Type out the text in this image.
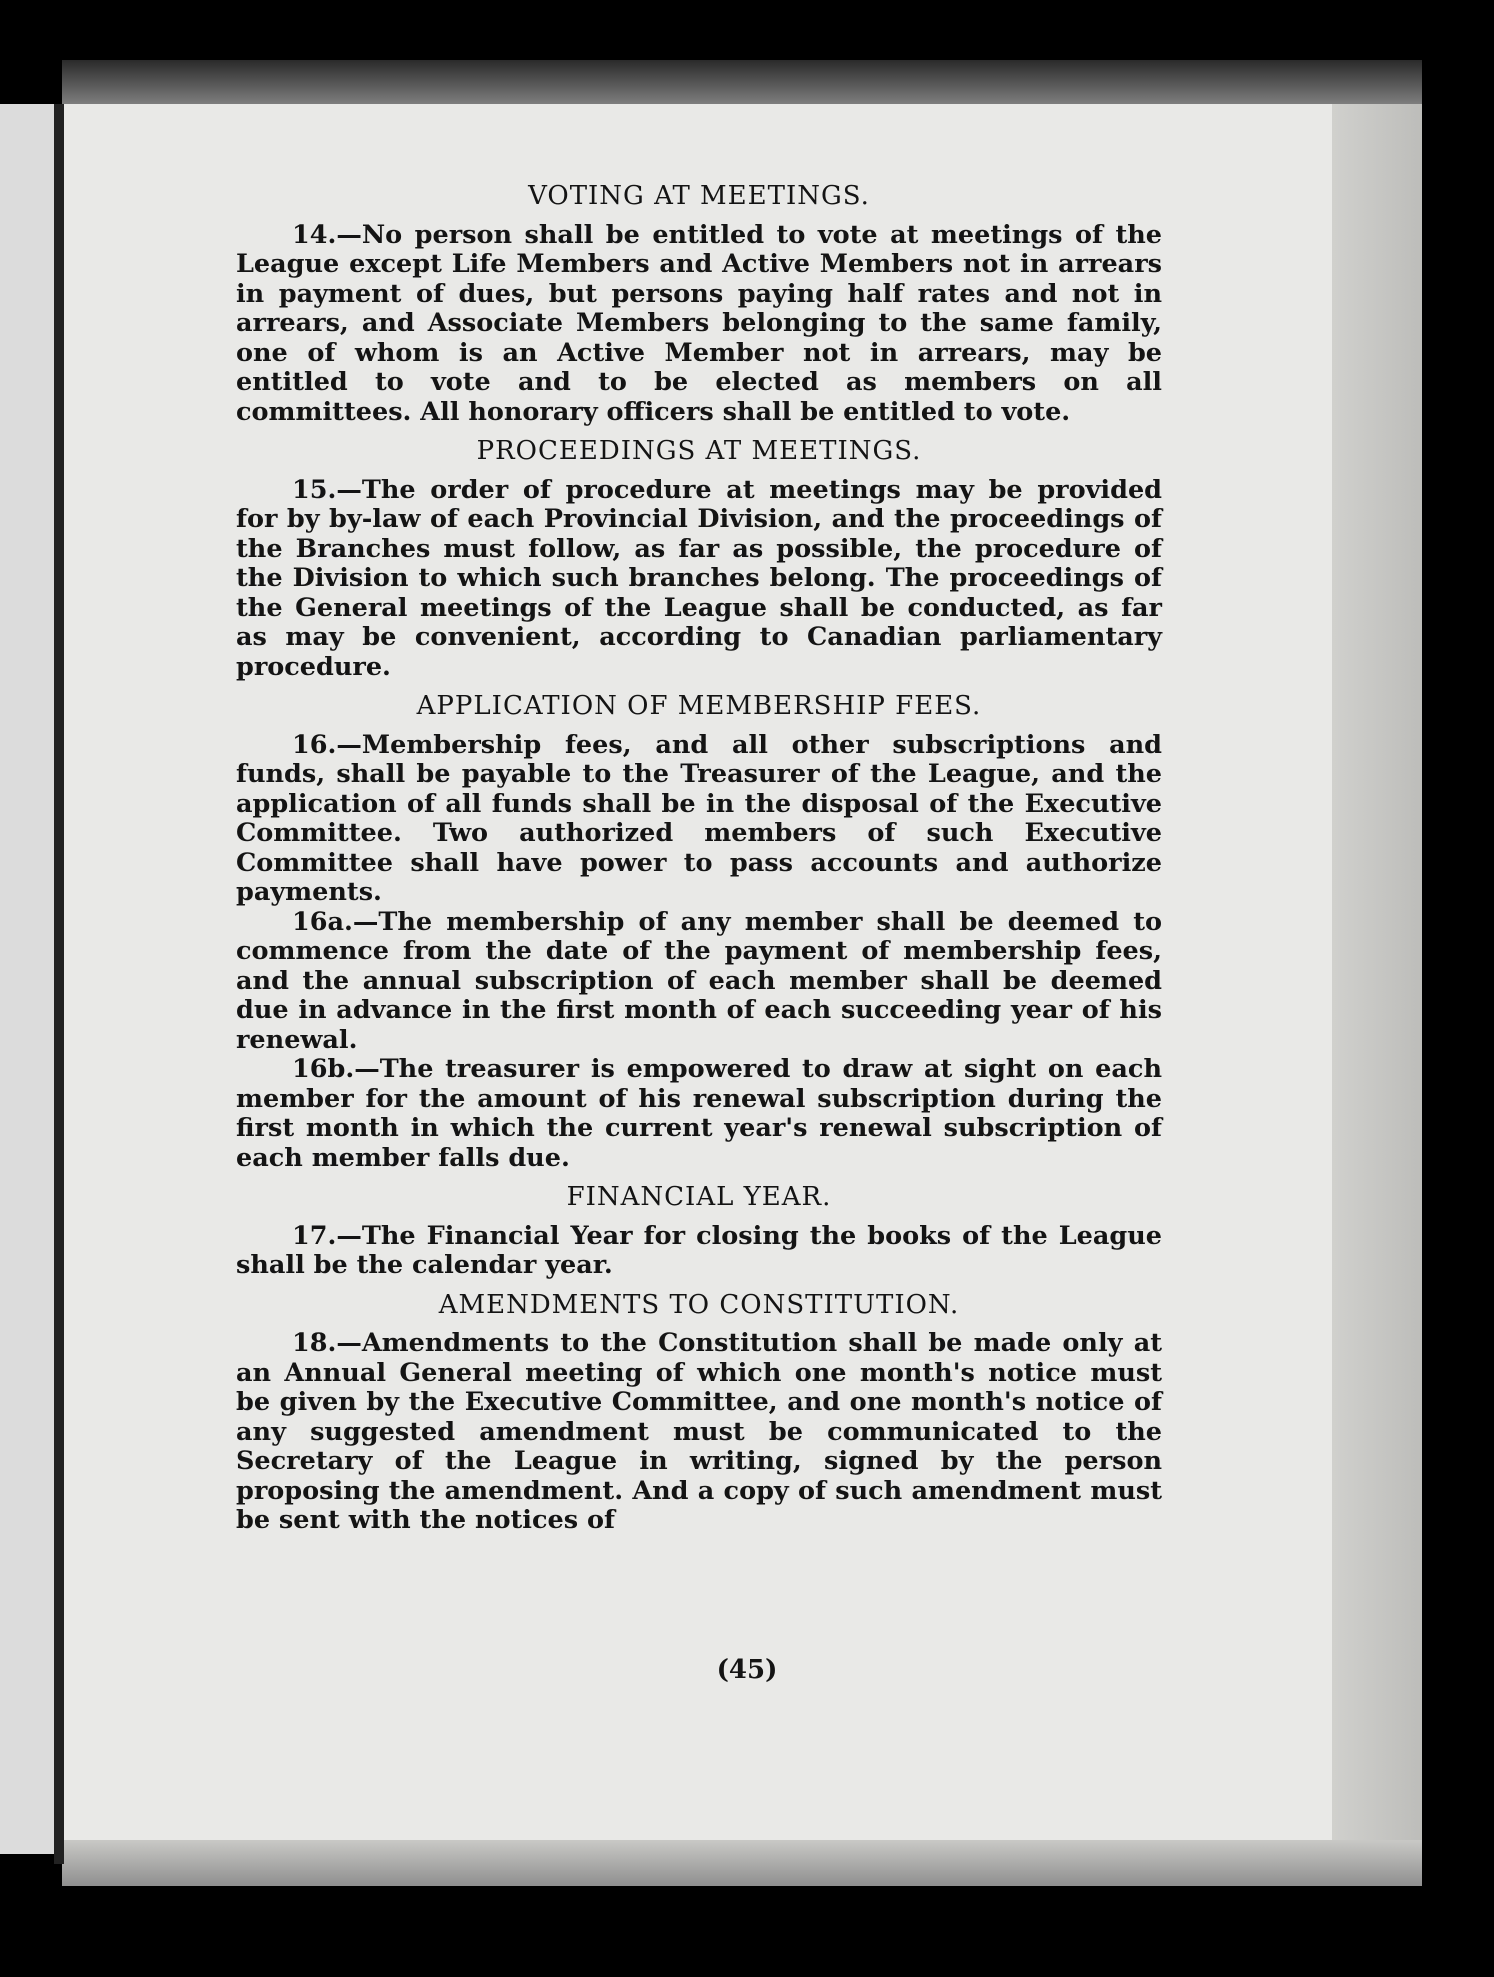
VOTING AT MEETINGS.

14.—No person shall be entitled to vote at meetings of the League except Life Members and Active Members not in arrears in payment of dues, but persons paying half rates and not in arrears, and Associate Members belonging to the same family, one of whom is an Active Member not in arrears, may be entitled to vote and to be elected as members on all committees. All honorary officers shall be entitled to vote.

PROCEEDINGS AT MEETINGS.

15.—The order of procedure at meetings may be provided for by by-law of each Provincial Division, and the proceedings of the Branches must follow, as far as possible, the procedure of the Division to which such branches belong. The proceedings of the General meetings of the League shall be conducted, as far as may be convenient, according to Canadian parliamentary procedure.

APPLICATION OF MEMBERSHIP FEES.

16.—Membership fees, and all other subscriptions and funds, shall be payable to the Treasurer of the League, and the application of all funds shall be in the disposal of the Executive Committee. Two authorized members of such Executive Committee shall have power to pass accounts and authorize payments.

16a.—The membership of any member shall be deemed to commence from the date of the payment of membership fees, and the annual subscription of each member shall be deemed due in advance in the first month of each succeeding year of his renewal.

16b.—The treasurer is empowered to draw at sight on each member for the amount of his renewal subscription during the first month in which the current year's renewal subscription of each member falls due.

FINANCIAL YEAR.

17.—The Financial Year for closing the books of the League shall be the calendar year.

AMENDMENTS TO CONSTITUTION.

18.—Amendments to the Constitution shall be made only at an Annual General meeting of which one month's notice must be given by the Executive Committee, and one month's notice of any suggested amendment must be communicated to the Secretary of the League in writing, signed by the person proposing the amendment. And a copy of such amendment must be sent with the notices of

(45)
